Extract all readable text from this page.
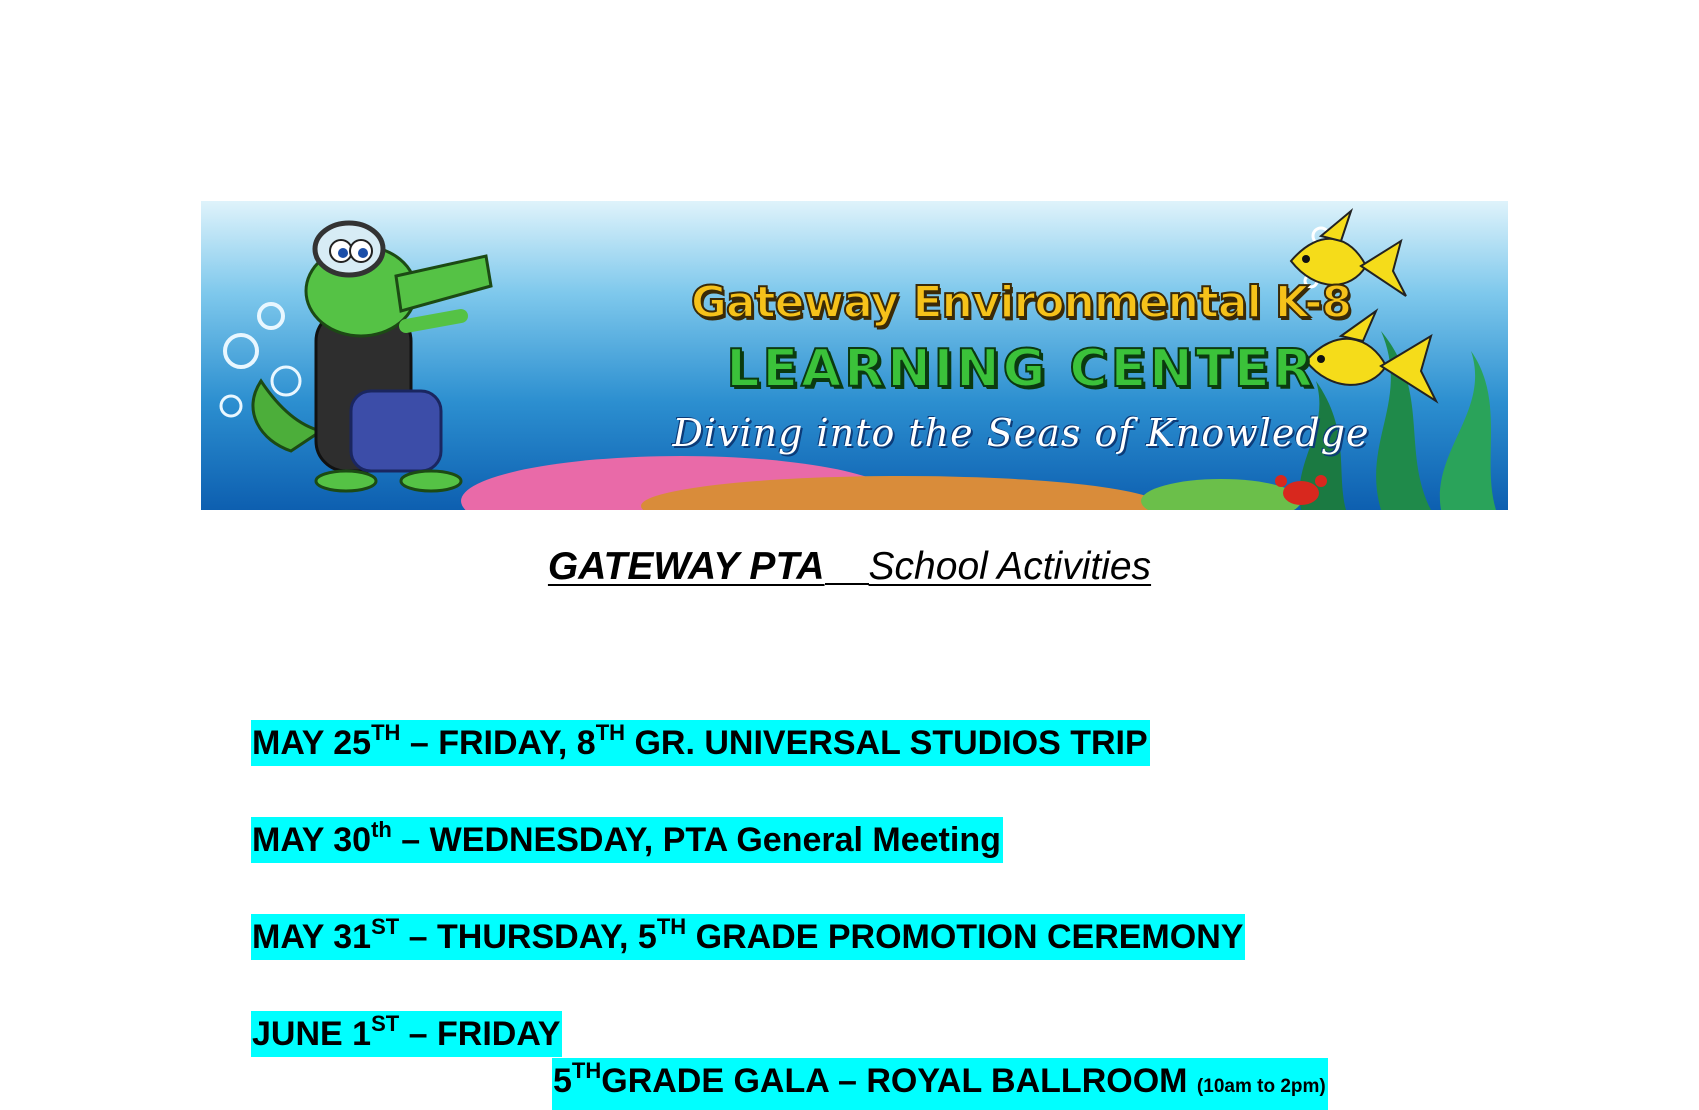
Gateway Environmental K-8
LEARNING CENTER
Diving into the Seas of Knowledge
GATEWAY PTA School Activities
MAY 25TH – FRIDAY, 8TH GR. UNIVERSAL STUDIOS TRIP
MAY 30th – WEDNESDAY, PTA General Meeting
MAY 31ST – THURSDAY, 5TH GRADE PROMOTION CEREMONY
JUNE 1ST – FRIDAY
5THGRADE GALA – ROYAL BALLROOM (10am to 2pm)
